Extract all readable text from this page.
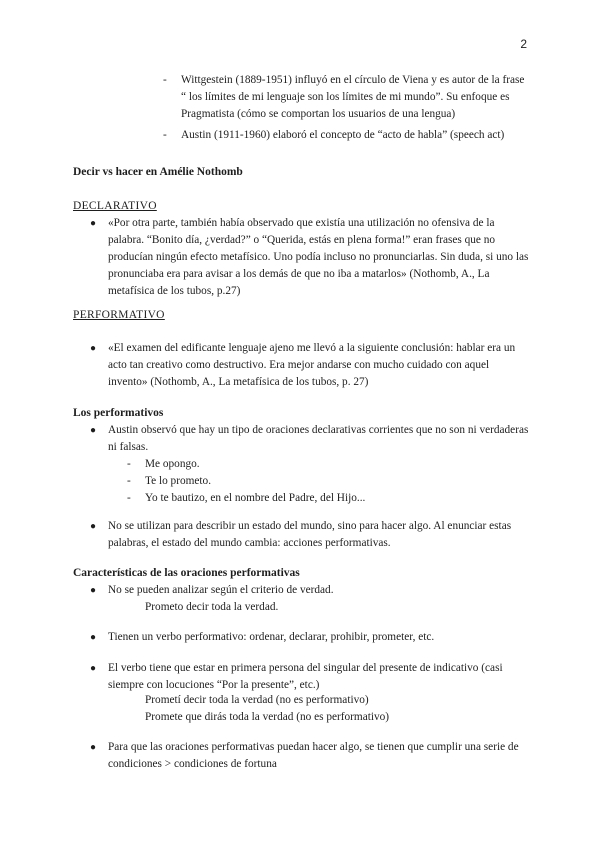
2
- Wittgestein (1889-1951) influyó en el círculo de Viena y es autor de la frase “ los límites de mi lenguaje son los límites de mi mundo”. Su enfoque es Pragmatista (cómo se comportan los usuarios de una lengua)
- Austin (1911-1960) elaboró el concepto de “acto de habla” (speech act)
Decir vs hacer en Amélie Nothomb
DECLARATIVO
● «Por otra parte, también había observado que existía una utilización no ofensiva de la palabra. “Bonito día, ¿verdad?” o “Querida, estás en plena forma!” eran frases que no producían ningún efecto metafísico. Uno podía incluso no pronunciarlas. Sin duda, si uno las pronunciaba era para avisar a los demás de que no iba a matarlos» (Nothomb, A., La metafísica de los tubos, p.27)
PERFORMATIVO
● «El examen del edificante lenguaje ajeno me llevó a la siguiente conclusión: hablar era un acto tan creativo como destructivo. Era mejor andarse con mucho cuidado con aquel invento» (Nothomb, A., La metafísica de los tubos, p. 27)
Los performativos
● Austin observó que hay un tipo de oraciones declarativas corrientes que no son ni verdaderas ni falsas.
- Me opongo.
- Te lo prometo.
- Yo te bautizo, en el nombre del Padre, del Hijo...
● No se utilizan para describir un estado del mundo, sino para hacer algo. Al enunciar estas palabras, el estado del mundo cambia: acciones performativas.
Características de las oraciones performativas
● No se pueden analizar según el criterio de verdad.
Prometo decir toda la verdad.
● Tienen un verbo performativo: ordenar, declarar, prohibir, prometer, etc.
● El verbo tiene que estar en primera persona del singular del presente de indicativo (casi siempre con locuciones “Por la presente”, etc.)
Prometí decir toda la verdad (no es performativo)
Promete que dirás toda la verdad (no es performativo)
● Para que las oraciones performativas puedan hacer algo, se tienen que cumplir una serie de condiciones > condiciones de fortuna
